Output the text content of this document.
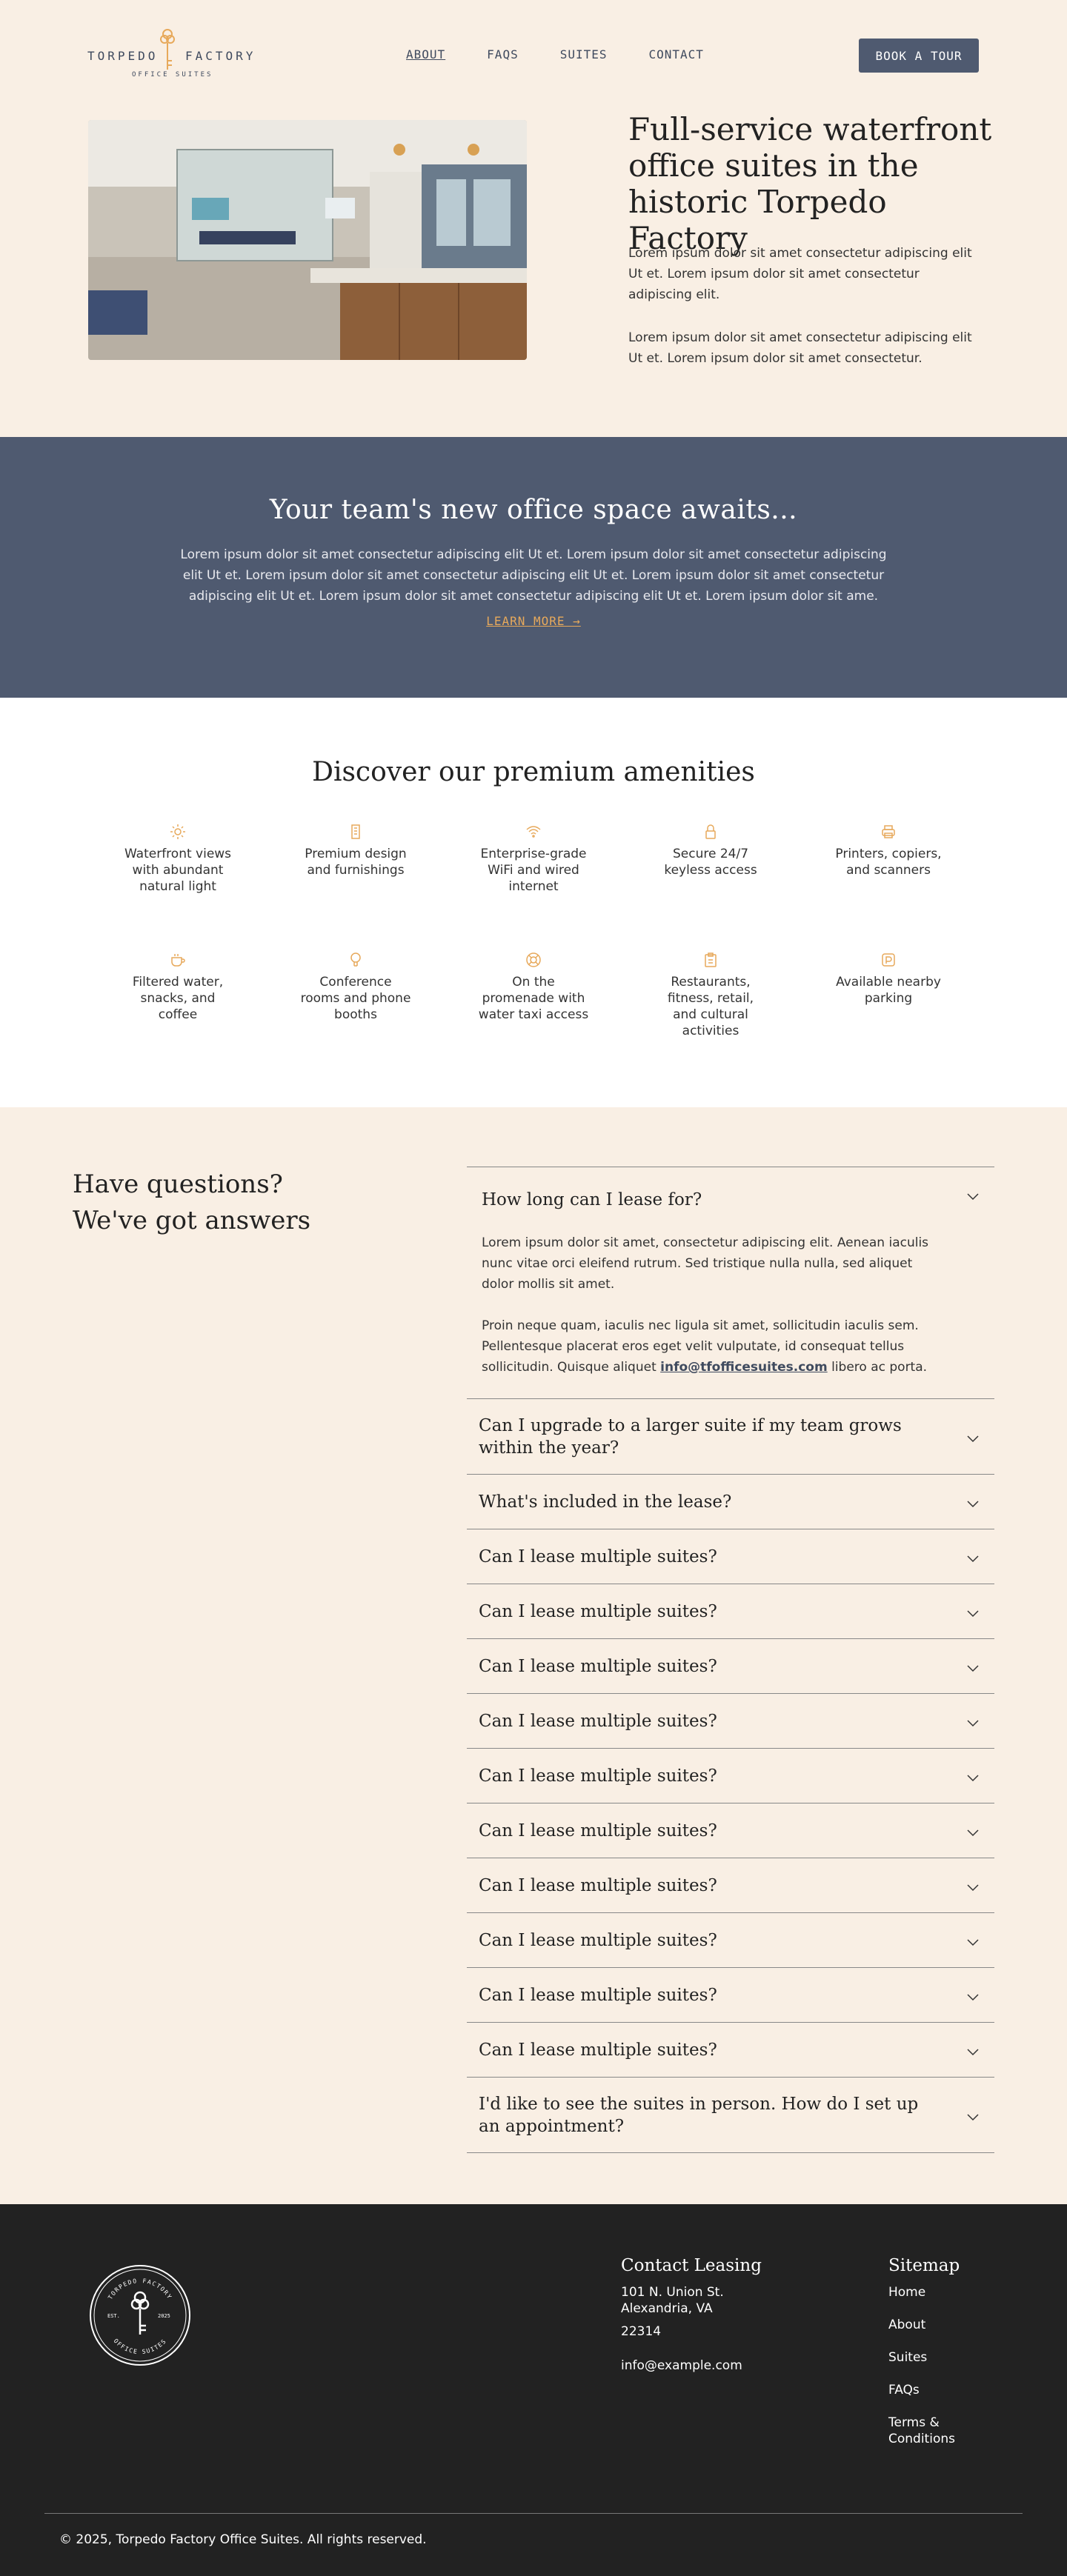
TORPEDO FACTORY
OFFICE SUITES
ABOUT	FAQS	SUITES	CONTACT	BOOK A TOUR
Full-service waterfront office suites in the historic Torpedo Factory

Lorem ipsum dolor sit amet consectetur adipiscing elit Ut et. Lorem ipsum dolor sit amet consectetur adipiscing elit.

Lorem ipsum dolor sit amet consectetur adipiscing elit Ut et. Lorem ipsum dolor sit amet consectetur.

Your team's new office space awaits...

Lorem ipsum dolor sit amet consectetur adipiscing elit Ut et. Lorem ipsum dolor sit amet consectetur adipiscing elit Ut et. Lorem ipsum dolor sit amet consectetur adipiscing elit Ut et. Lorem ipsum dolor sit amet consectetur adipiscing elit Ut et. Lorem ipsum dolor sit amet consectetur adipiscing elit Ut et. Lorem ipsum dolor sit ame.

LEARN MORE →
Discover our premium amenities
Waterfront views with abundant natural light
Premium design and furnishings
Enterprise-grade WiFi and wired internet
Secure 24/7 keyless access
Printers, copiers, and scanners
Filtered water, snacks, and coffee
Conference rooms and phone booths
On the promenade with water taxi access
Restaurants, fitness, retail, and cultural activities
Available nearby parking
Have questions?
We've got answers
How long can I lease for?

Lorem ipsum dolor sit amet, consectetur adipiscing elit. Aenean iaculis nunc vitae orci eleifend rutrum. Sed tristique nulla nulla, sed aliquet dolor mollis sit amet.

Proin neque quam, iaculis nec ligula sit amet, sollicitudin iaculis sem. Pellentesque placerat eros eget velit vulputate, id consequat tellus sollicitudin. Quisque aliquet info@tfofficesuites.com libero ac porta.

Can I upgrade to a larger suite if my team grows within the year?
What's included in the lease?
Can I lease multiple suites?
Can I lease multiple suites?
Can I lease multiple suites?
Can I lease multiple suites?
Can I lease multiple suites?
Can I lease multiple suites?
Can I lease multiple suites?
Can I lease multiple suites?
Can I lease multiple suites?
Can I lease multiple suites?
I'd like to see the suites in person. How do I set up an appointment?
TORPEDO FACTORY
OFFICE SUITES
EST.	2025
Contact Leasing
101 N. Union St.
Alexandria, VA
22314
info@example.com
Sitemap
Home
About
Suites
FAQs
Terms & Conditions
© 2025, Torpedo Factory Office Suites. All rights reserved.
